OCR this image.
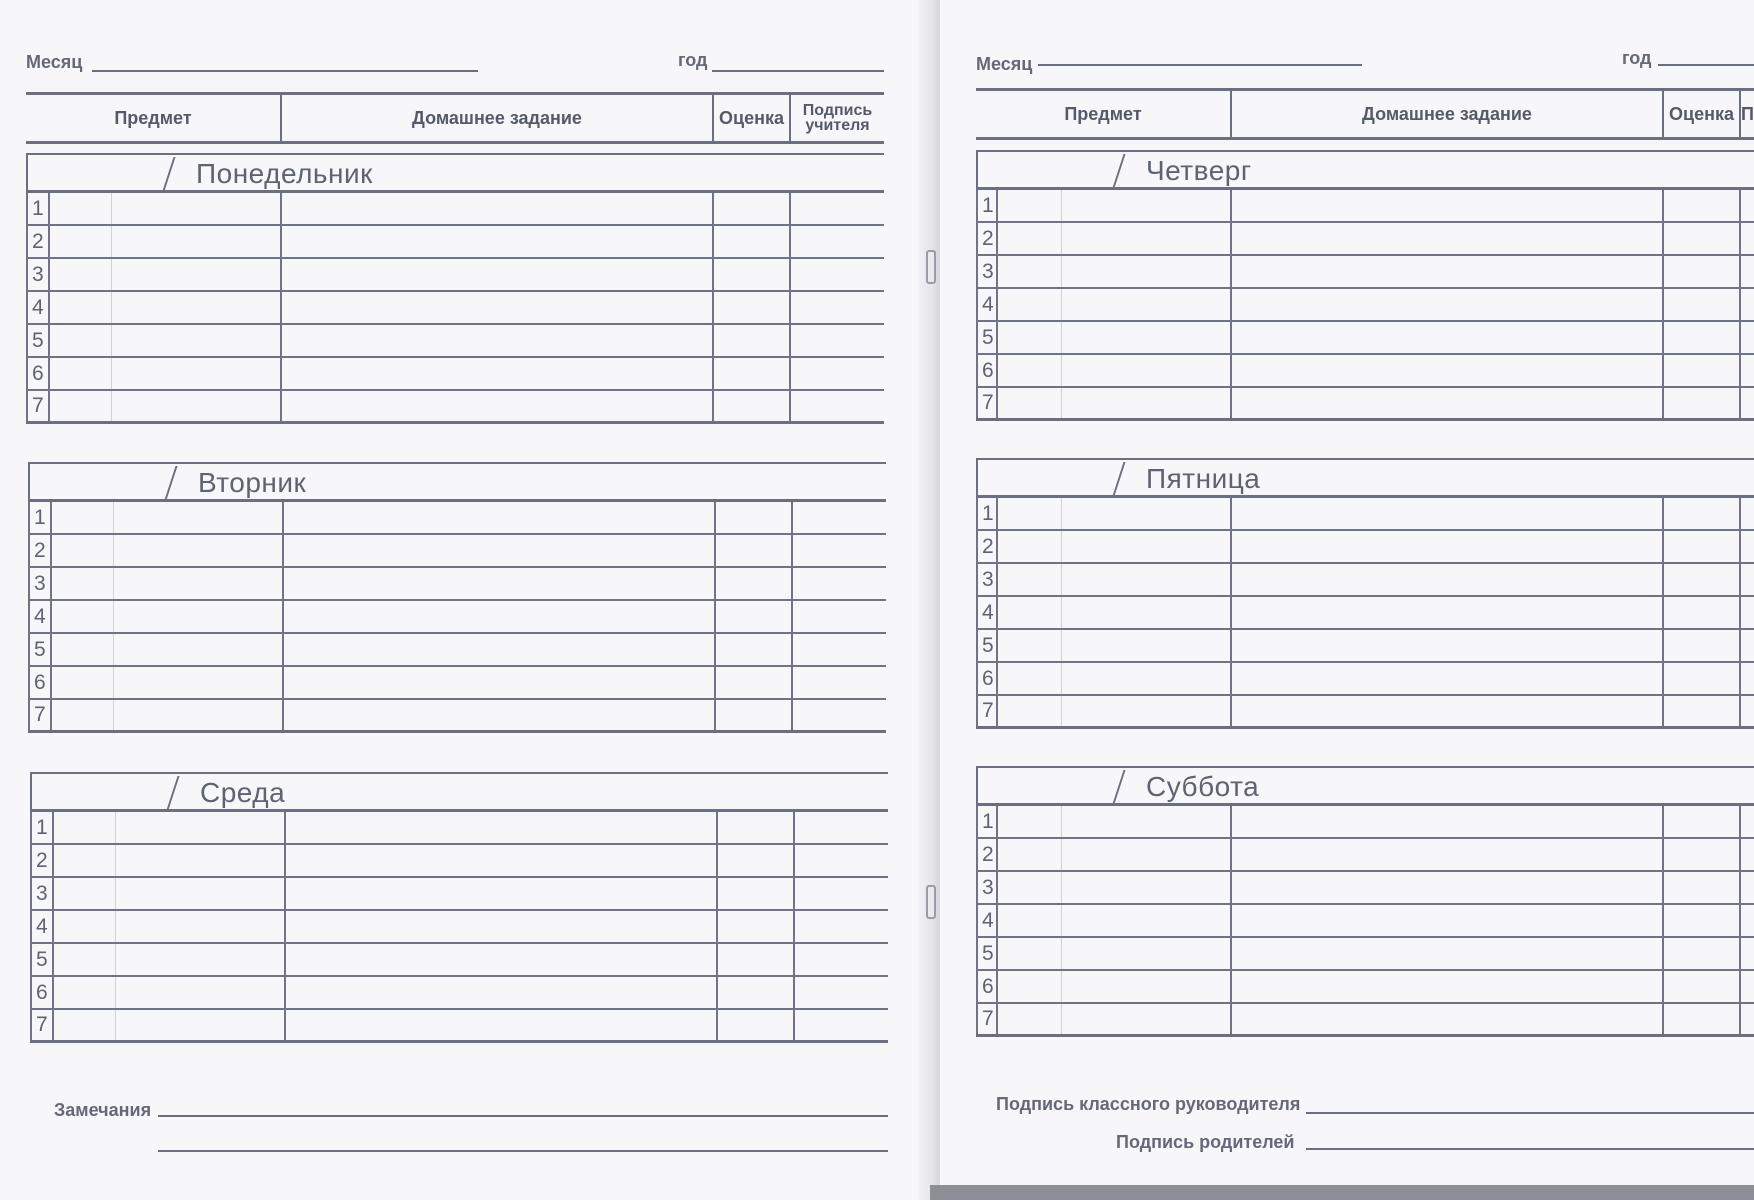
Месяц	год
Предмет	Домашнее задание	Оценка	Подпись
учителя
Понедельник
1
2
3
4
5
6
7
Вторник
1
2
3
4
5
6
7
Среда
1
2
3
4
5
6
7
Замечания
Месяц	год
Предмет	Домашнее задание	Оценка П
Четверг
1
2
3
4
5
6
7
Пятница
1
2
3
4
5
6
7
Суббота
1
2
3
4
5
6
7
Подпись классного руководителя
Подпись родителей
